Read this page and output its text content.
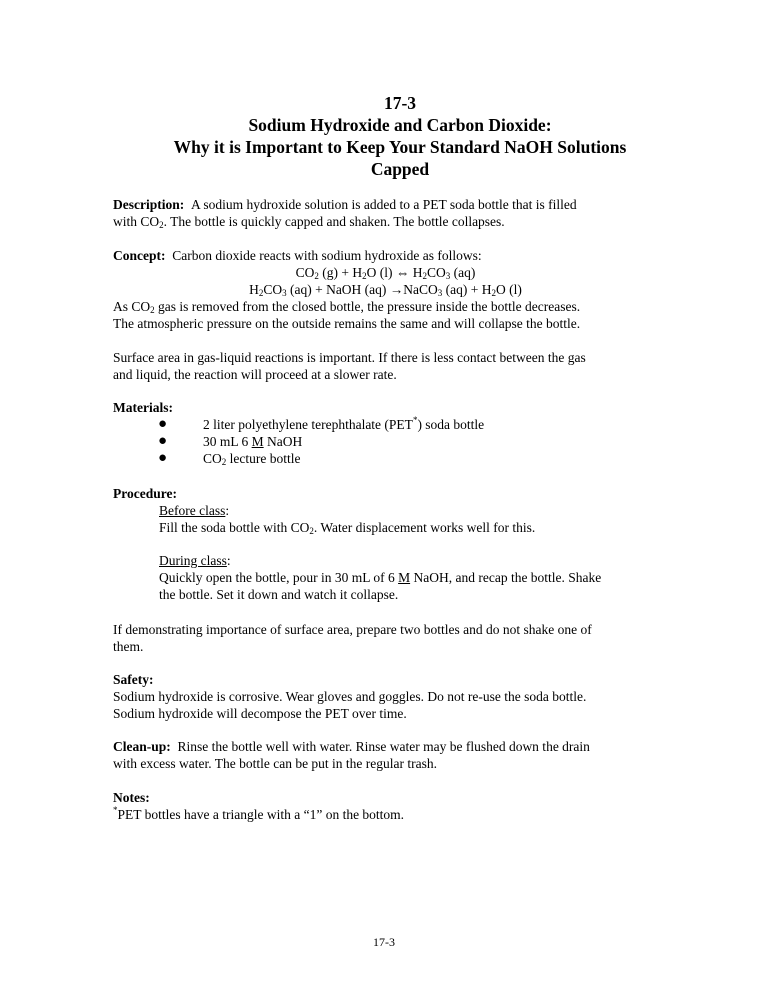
17-3
Sodium Hydroxide and Carbon Dioxide:
Why it is Important to Keep Your Standard NaOH Solutions
Capped
Description: A sodium hydroxide solution is added to a PET soda bottle that is filled
with $CO_2$. The bottle is quickly capped and shaken. The bottle collapses.
Concept: Carbon dioxide reacts with sodium hydroxide as follows:
$CO_2$ $(g) + H_2O$ (l) ⇔ $H_2CO_3$ (aq)
$H_2CO_3$ (aq) + NaOH (aq) →NaCO$_3$ $(aq) + H_2O$ (l)
As $CO_2$ gas is removed from the closed bottle, the pressure inside the bottle decreases.
The atmospheric pressure on the outside remains the same and will collapse the bottle.
Surface area in gas-liquid reactions is important. If there is less contact between the gas
and liquid, the reaction will proceed at a slower rate.
Materials:
●	2 liter polyethylene terephthalate (PET*) soda bottle
●	30 mL 6 M NaOH
●	$CO_2$ lecture bottle
Procedure:
Before class:
Fill the soda bottle with $CO_2$. Water displacement works well for this.
During class:
Quickly open the bottle, pour in 30 mL of 6 M NaOH, and recap the bottle. Shake
the bottle. Set it down and watch it collapse.
If demonstrating importance of surface area, prepare two bottles and do not shake one of
them.
Safety:
Sodium hydroxide is corrosive. Wear gloves and goggles. Do not re-use the soda bottle.
Sodium hydroxide will decompose the PET over time.
Clean-up: Rinse the bottle well with water. Rinse water may be flushed down the drain
with excess water. The bottle can be put in the regular trash.
Notes:
*PET bottles have a triangle with a “1” on the bottom.
17-3
